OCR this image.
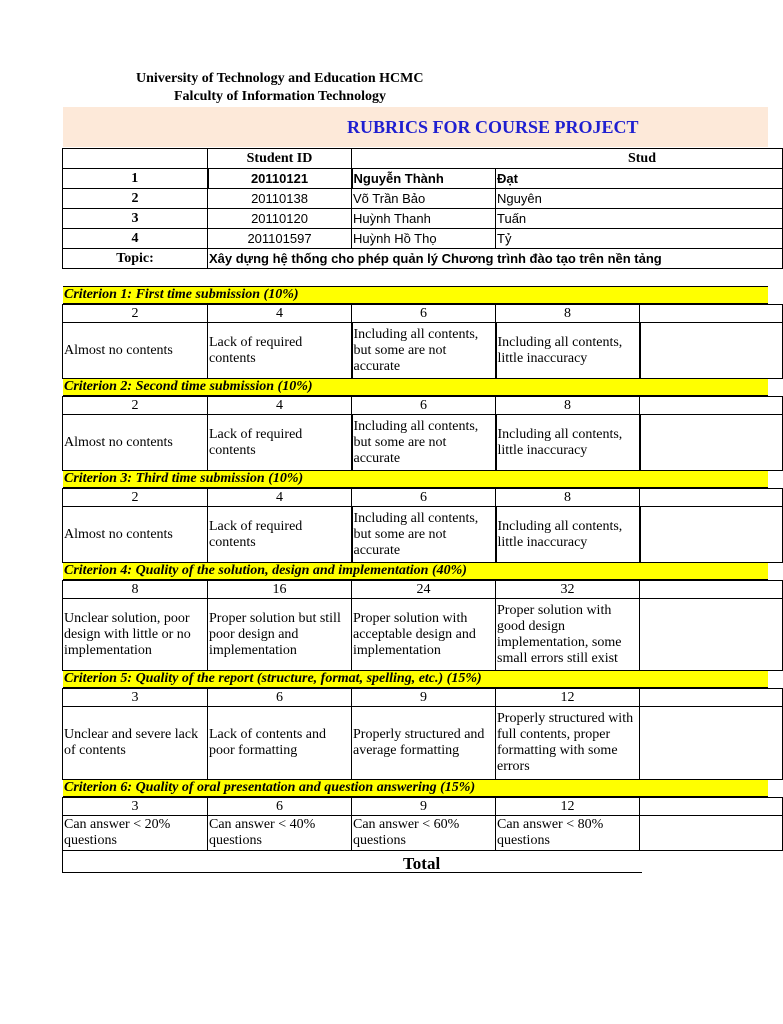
University of Technology and Education HCMC
Falculty of Information Technology
RUBRICS FOR COURSE PROJECT
	Student ID	Stud	
1	20110121	Nguyễn Thành	Đạt
2	20110138	Võ Trần Bảo	Nguyên
3	20110120	Huỳnh Thanh	Tuấn
4	201101597	Huỳnh Hồ Thọ	Tỷ
Topic:	Xây dựng hệ thống cho phép quản lý Chương trình đào tạo trên nền tảng		
Criterion 1: First time submission (10%)
Criterion 2: Second time submission (10%)
Criterion 3: Third time submission (10%)
Criterion 4: Quality of the solution, design and implementation (40%)
Criterion 5: Quality of the report (structure, format, spelling, etc.) (15%)
Criterion 6: Quality of oral presentation and question answering (15%)
2	4	6	8	
Almost no contents	Lack of required contents	Including all contents, but some are not accurate	Including all contents, little inaccuracy	
2	4	6	8	
Almost no contents	Lack of required contents	Including all contents, but some are not accurate	Including all contents, little inaccuracy	
2	4	6	8	
Almost no contents	Lack of required contents	Including all contents, but some are not accurate	Including all contents, little inaccuracy	
8	16	24	32	
Unclear solution, poor design with little or no implementation	Proper solution but still poor design and implementation	Proper solution with acceptable design and implementation	Proper solution with good design implementation, some small errors still exist	
3	6	9	12	
Unclear and severe lack of contents	Lack of contents and poor formatting	Properly structured and average formatting	Properly structured with full contents, proper formatting with some errors	
3	6	9	12	
Can answer < 20% questions	Can answer < 40% questions	Can answer < 60% questions	Can answer < 80% questions	
Total
